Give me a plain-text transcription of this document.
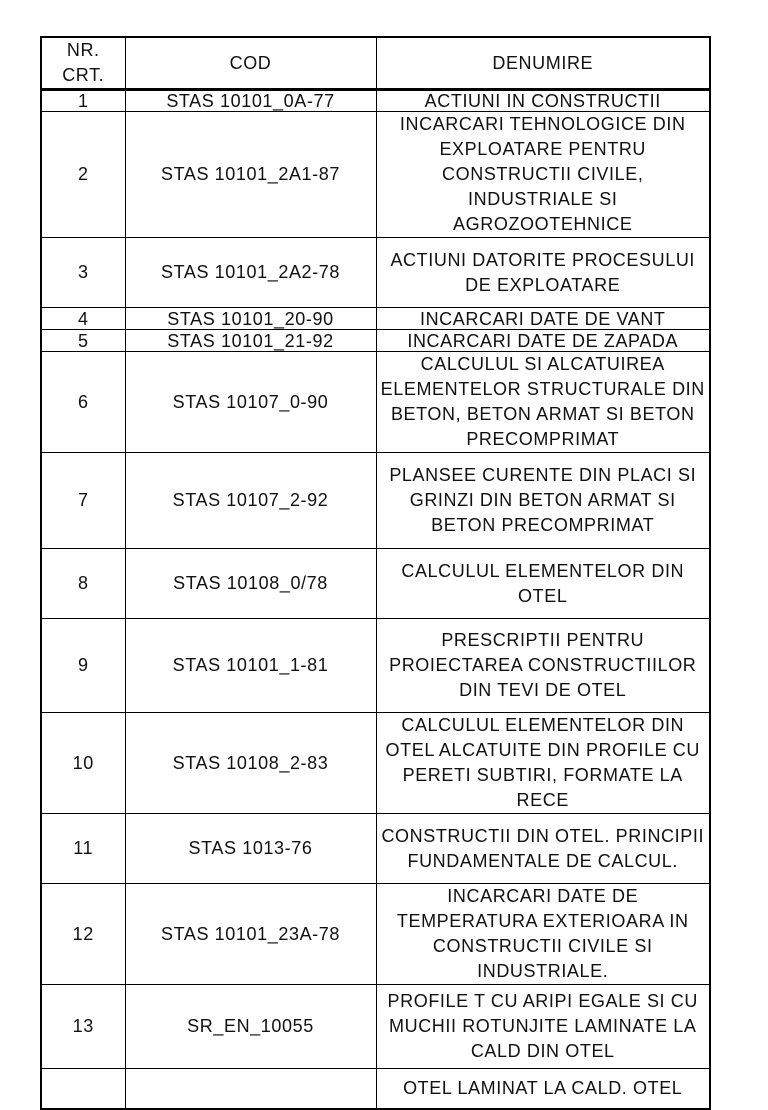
NR. CRT.	COD	DENUMIRE
1	STAS 10101_0A-77	ACTIUNI IN CONSTRUCTII
2	STAS 10101_2A1-87	INCARCARI TEHNOLOGICE DIN EXPLOATARE PENTRU CONSTRUCTII CIVILE, INDUSTRIALE SI AGROZOOTEHNICE
3	STAS 10101_2A2-78	ACTIUNI DATORITE PROCESULUI DE EXPLOATARE
4	STAS 10101_20-90	INCARCARI DATE DE VANT
5	STAS 10101_21-92	INCARCARI DATE DE ZAPADA
6	STAS 10107_0-90	CALCULUL SI ALCATUIREA ELEMENTELOR STRUCTURALE DIN BETON, BETON ARMAT SI BETON PRECOMPRIMAT
7	STAS 10107_2-92	PLANSEE CURENTE DIN PLACI SI GRINZI DIN BETON ARMAT SI BETON PRECOMPRIMAT
8	STAS 10108_0/78	CALCULUL ELEMENTELOR DIN OTEL
9	STAS 10101_1-81	PRESCRIPTII PENTRU PROIECTAREA CONSTRUCTIILOR DIN TEVI DE OTEL
10	STAS 10108_2-83	CALCULUL ELEMENTELOR DIN OTEL ALCATUITE DIN PROFILE CU PERETI SUBTIRI, FORMATE LA RECE
11	STAS 1013-76	CONSTRUCTII DIN OTEL. PRINCIPII FUNDAMENTALE DE CALCUL.
12	STAS 10101_23A-78	INCARCARI DATE DE TEMPERATURA EXTERIOARA IN CONSTRUCTII CIVILE SI INDUSTRIALE.
13	SR_EN_10055	PROFILE T CU ARIPI EGALE SI CU MUCHII ROTUNJITE LAMINATE LA CALD DIN OTEL
		OTEL LAMINAT LA CALD. OTEL
